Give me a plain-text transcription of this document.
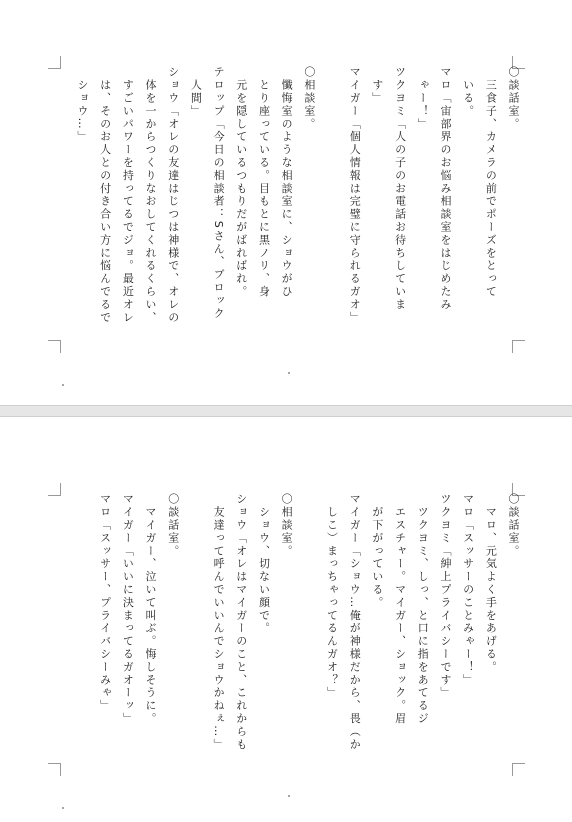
〇談話室。
　三食子、カメラの前でポーズをとって
　いる。
マロ「宙部界のお悩み相談室をはじめたみ
　ゃー！」
ツクヨミ「人の子のお電話お待ちしていま
　す」
マイガー「個人情報は完璧に守られるガオ」
〇相談室。
　懺悔室のような相談室に、ショウがひ
　とり座っている。目もとに黒ノリ、身
　元を隠しているつもりだがばればれ。
テロップ「今日の相談者：Sさん、ブロック
　人間」
ショウ「オレの友達はじつは神様で、オレの
　体を一からつくりなおしてくれるくらい、
　すごいパワーを持ってるでジョ。最近オレ
　は、そのお人との付き合い方に悩んでるで
　ショウ…」
〇談話室。
　マロ、元気よく手をあげる。
マロ「スッサーのことみゃー！」
ツクヨミ「紳上プライバシーです」
　ツクヨミ、しっ、と口に指をあてるジ
　エスチャー。マイガー、ショック。眉
　が下がっている。
マイガー「ショウ…俺が神様だから、畏（か
　しこ）まっちゃってるんガオ？」
〇相談室。
　ショウ、切ない顔で。
ショウ「オレはマイガーのこと、これからも
　友達って呼んでいいんでショウかねぇ…」
〇談話室。
　マイガー、泣いて叫ぶ。悔しそうに。
マイガー「いいに決まってるガオーッ」
マロ「スッサー、プライバシーみゃ」
